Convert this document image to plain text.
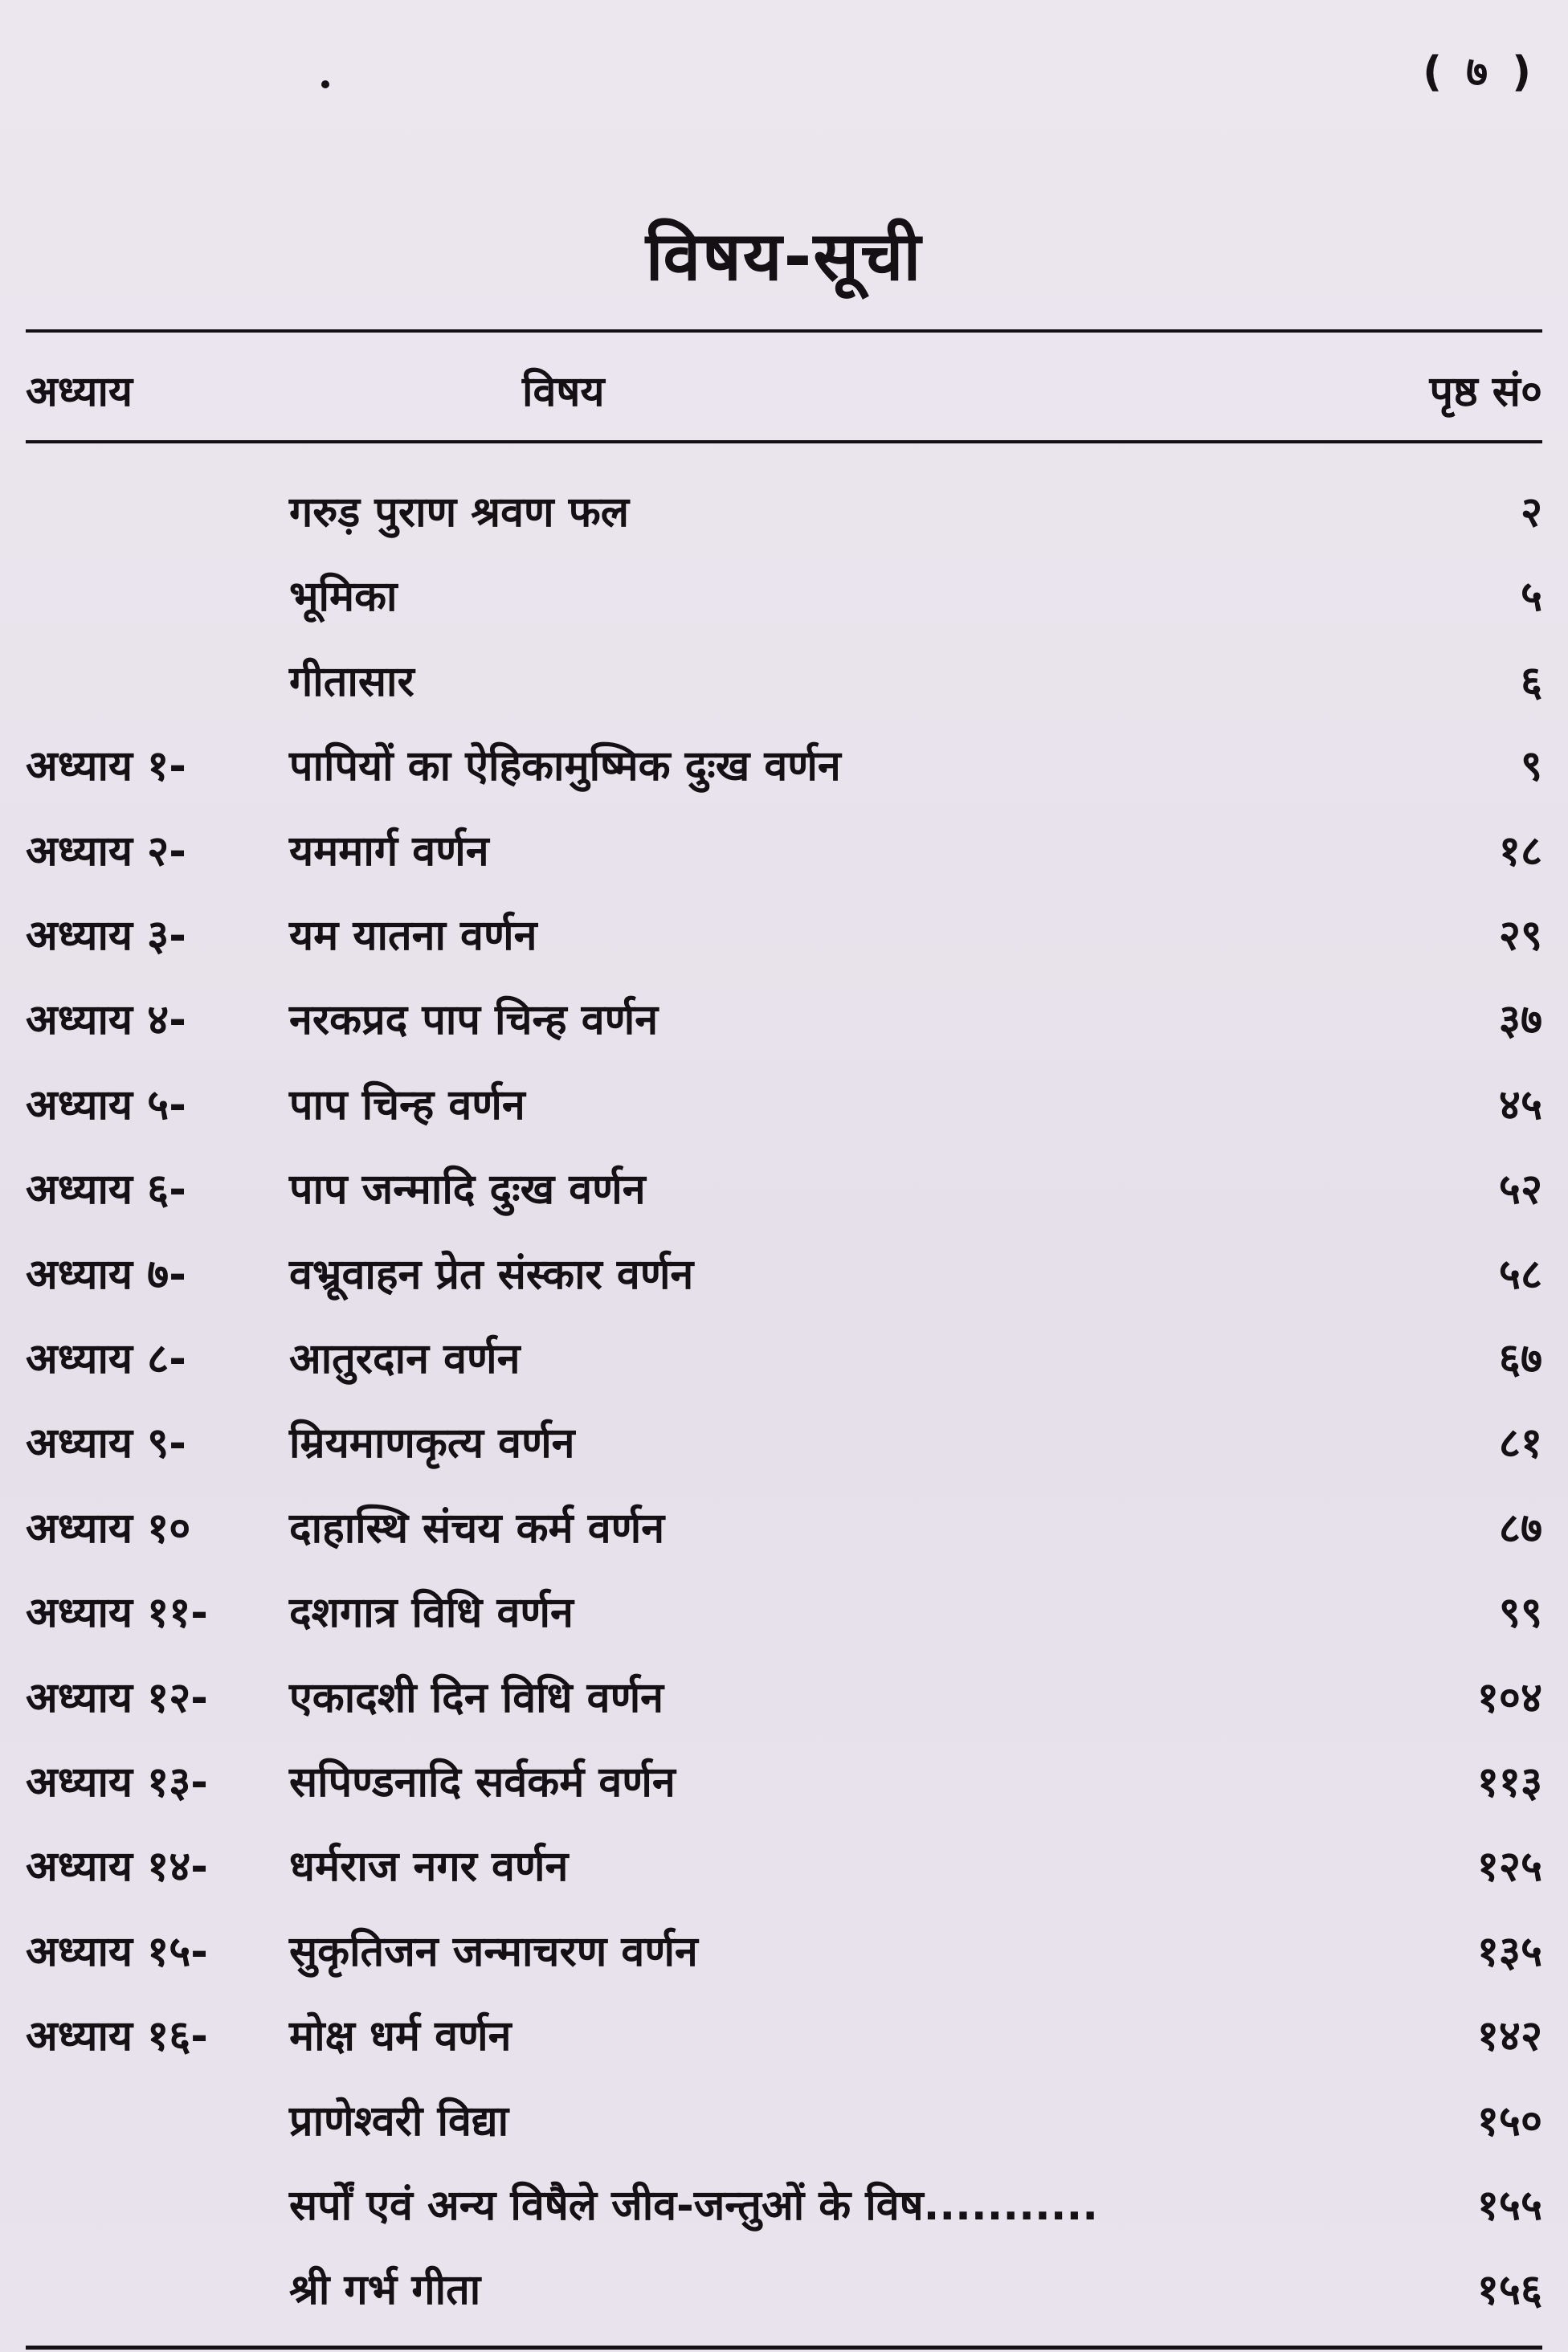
( ७ )
विषय-सूची
अध्याय	विषय	पृष्ठ सं०
गरुड़ पुराण श्रवण फल	२
भूमिका	५
गीतासार	६
अध्याय १- पापियों का ऐहिकामुष्मिक दुःख वर्णन	९
अध्याय २- यममार्ग वर्णन	१८
अध्याय ३- यम यातना वर्णन	२९
अध्याय ४- नरकप्रद पाप चिन्ह वर्णन	३७
अध्याय ५- पाप चिन्ह वर्णन	४५
अध्याय ६- पाप जन्मादि दुःख वर्णन	५२
अध्याय ७- वभ्रूवाहन प्रेत संस्कार वर्णन	५८
अध्याय ८- आतुरदान वर्णन	६७
अध्याय ९- म्रियमाणकृत्य वर्णन	८१
अध्याय १० दाहास्थि संचय कर्म वर्णन	८७
अध्याय ११- दशगात्र विधि वर्णन	९९
अध्याय १२- एकादशी दिन विधि वर्णन	१०४
अध्याय १३- सपिण्डनादि सर्वकर्म वर्णन	११३
अध्याय १४- धर्मराज नगर वर्णन	१२५
अध्याय १५- सुकृतिजन जन्माचरण वर्णन	१३५
अध्याय १६- मोक्ष धर्म वर्णन	१४२
प्राणेश्वरी विद्या	१५०
सर्पों एवं अन्य विषैले जीव-जन्तुओं के विष...........	१५५
श्री गर्भ गीता	१५६
